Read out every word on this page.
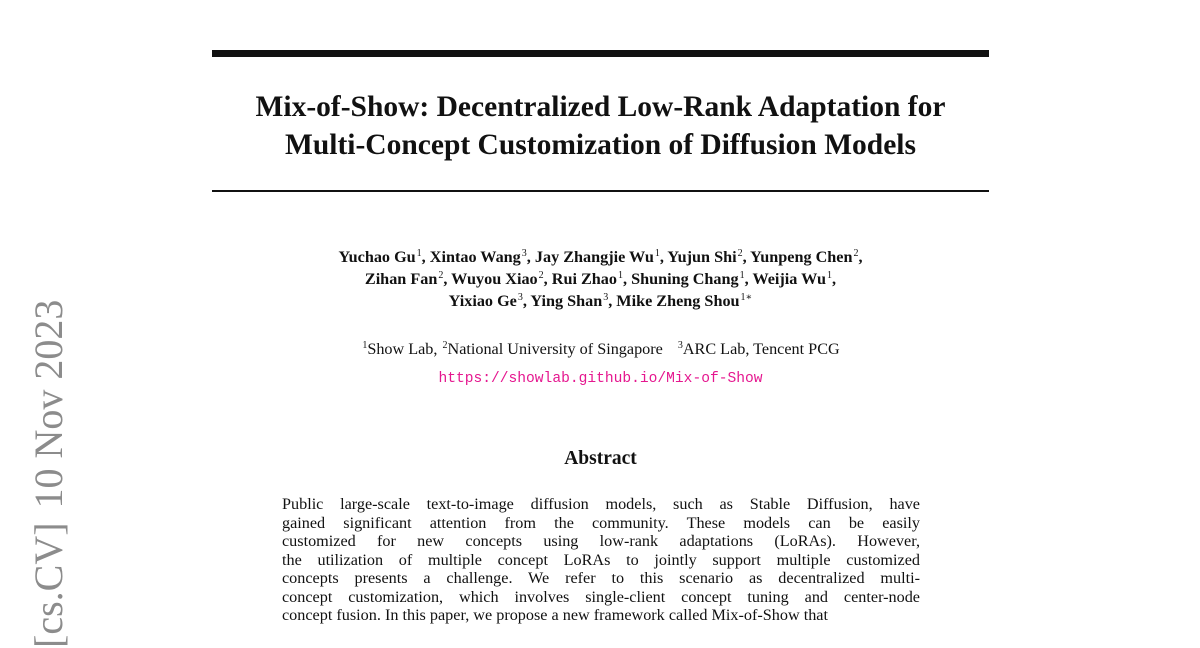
[cs.CV]10 Nov 2023
Mix-of-Show: Decentralized Low-Rank Adaptation for
Multi-Concept Customization of Diffusion Models
Yuchao Gu$^1$, Xintao Wang$^3$, Jay Zhangjie Wu$^1$, Yujun Shi$^2$, Yunpeng Chen$^2$,
Zihan Fan$^2$, Wuyou Xiao$^2$, Rui Zhao$^1$, Shuning Chang$^1$, Weijia Wu$^1$,
Yixiao Ge$^3$, Ying Shan$^3$, Mike Zheng Shou$^{1∗}$
$^1$Show Lab, $^2$National University of Singapore $^3$ARC Lab, Tencent PCG
https://showlab.github.io/Mix-of-Show
Abstract
Public large-scale text-to-image diffusion models, such as Stable Diffusion, have
gained significant attention from the community. These models can be easily
customized for new concepts using low-rank adaptations (LoRAs). However,
the utilization of multiple concept LoRAs to jointly support multiple customized
concepts presents a challenge. We refer to this scenario as decentralized multi-
concept customization, which involves single-client concept tuning and center-node
concept fusion. In this paper, we propose a new framework called Mix-of-Show that
